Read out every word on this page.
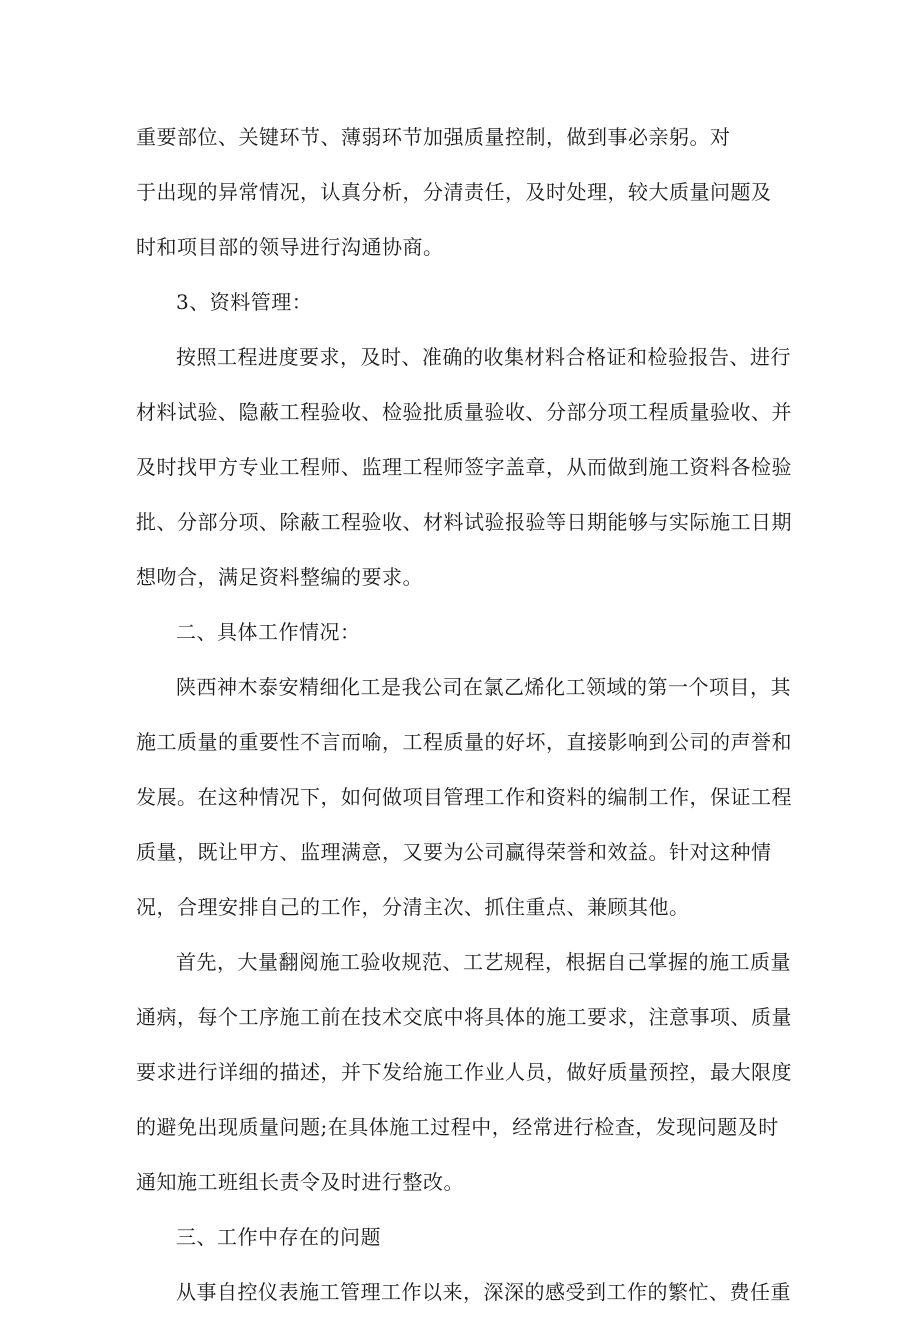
重要部位、关键环节、薄弱环节加强质量控制，做到事必亲躬。对

于出现的异常情况，认真分析，分清责任，及时处理，较大质量问题及

时和项目部的领导进行沟通协商。

3、资料管理：

按照工程进度要求，及时、准确的收集材料合格证和检验报告、进行材料试验、隐蔽工程验收、检验批质量验收、分部分项工程质量验收、并及时找甲方专业工程师、监理工程师签字盖章，从而做到施工资料各检验批、分部分项、除蔽工程验收、材料试验报验等日期能够与实际施工日期想吻合，满足资料整编的要求。

二、具体工作情况：

陕西神木泰安精细化工是我公司在氯乙烯化工领域的第一个项目，其施工质量的重要性不言而喻，工程质量的好坏，直接影响到公司的声誉和发展。在这种情况下，如何做项目管理工作和资料的编制工作，保证工程质量，既让甲方、监理满意，又要为公司赢得荣誉和效益。针对这种情况，合理安排自己的工作，分清主次、抓住重点、兼顾其他。

首先，大量翻阅施工验收规范、工艺规程，根据自己掌握的施工质量通病，每个工序施工前在技术交底中将具体的施工要求，注意事项、质量要求进行详细的描述，并下发给施工作业人员，做好质量预控，最大限度的避免出现质量问题;在具体施工过程中，经常进行检查，发现问题及时通知施工班组长责令及时进行整改。

三、工作中存在的问题

从事自控仪表施工管理工作以来，深深的感受到工作的繁忙、费任重
